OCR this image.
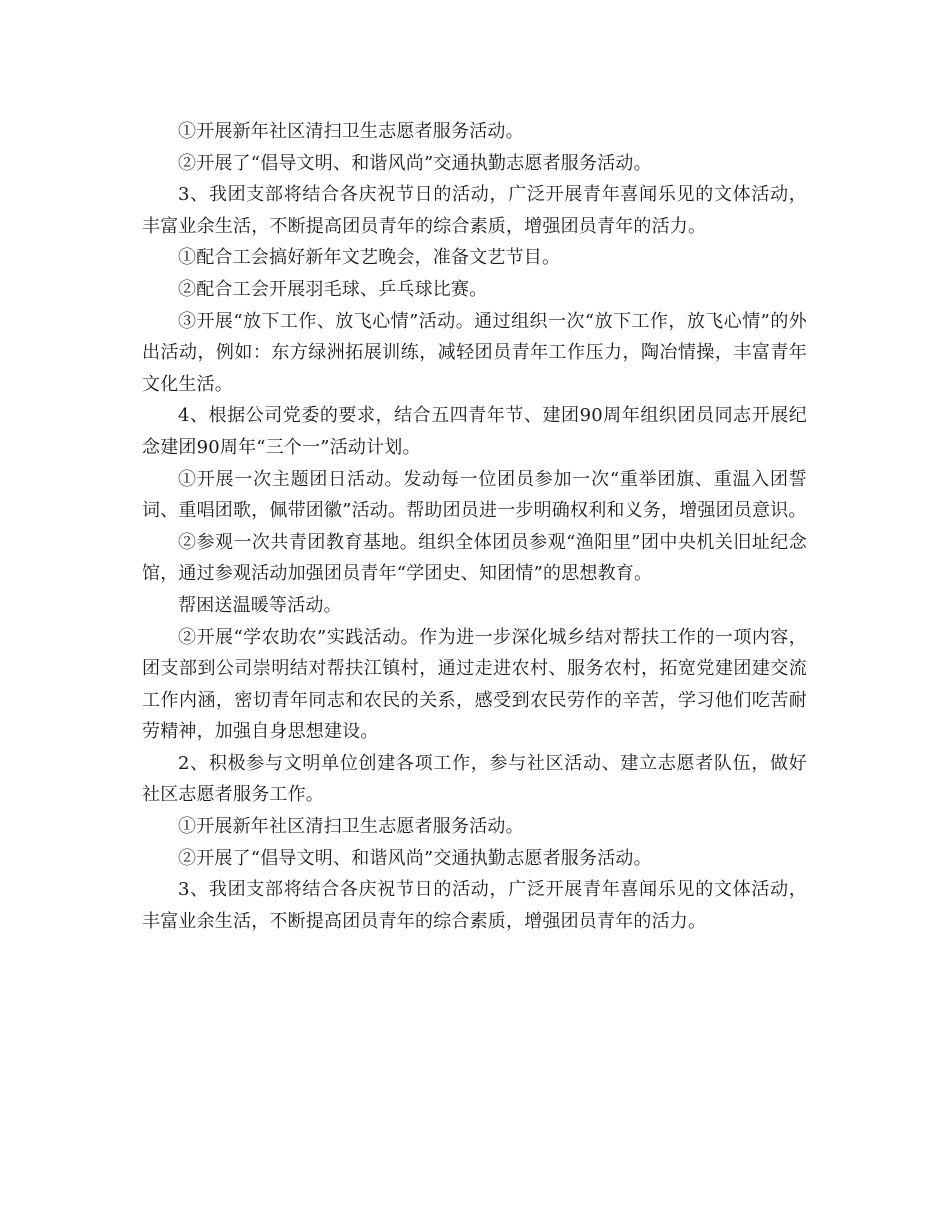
①开展新年社区清扫卫生志愿者服务活动。

②开展了“倡导文明、和谐风尚”交通执勤志愿者服务活动。

3、我团支部将结合各庆祝节日的活动，广泛开展青年喜闻乐见的文体活动，丰富业余生活，不断提高团员青年的综合素质，增强团员青年的活力。

①配合工会搞好新年文艺晚会，准备文艺节目。

②配合工会开展羽毛球、乒乓球比赛。

③开展“放下工作、放飞心情”活动。通过组织一次“放下工作，放飞心情”的外出活动，例如：东方绿洲拓展训练，减轻团员青年工作压力，陶冶情操，丰富青年文化生活。

4、根据公司党委的要求，结合五四青年节、建团90周年组织团员同志开展纪念建团90周年“三个一”活动计划。

①开展一次主题团日活动。发动每一位团员参加一次“重举团旗、重温入团誓词、重唱团歌，佩带团徽”活动。帮助团员进一步明确权利和义务，增强团员意识。

②参观一次共青团教育基地。组织全体团员参观“渔阳里”团中央机关旧址纪念馆，通过参观活动加强团员青年“学团史、知团情”的思想教育。

帮困送温暖等活动。

②开展“学农助农”实践活动。作为进一步深化城乡结对帮扶工作的一项内容，团支部到公司崇明结对帮扶江镇村，通过走进农村、服务农村，拓宽党建团建交流工作内涵，密切青年同志和农民的关系，感受到农民劳作的辛苦，学习他们吃苦耐劳精神，加强自身思想建设。

2、积极参与文明单位创建各项工作，参与社区活动、建立志愿者队伍，做好社区志愿者服务工作。

①开展新年社区清扫卫生志愿者服务活动。

②开展了“倡导文明、和谐风尚”交通执勤志愿者服务活动。

3、我团支部将结合各庆祝节日的活动，广泛开展青年喜闻乐见的文体活动，丰富业余生活，不断提高团员青年的综合素质，增强团员青年的活力。
